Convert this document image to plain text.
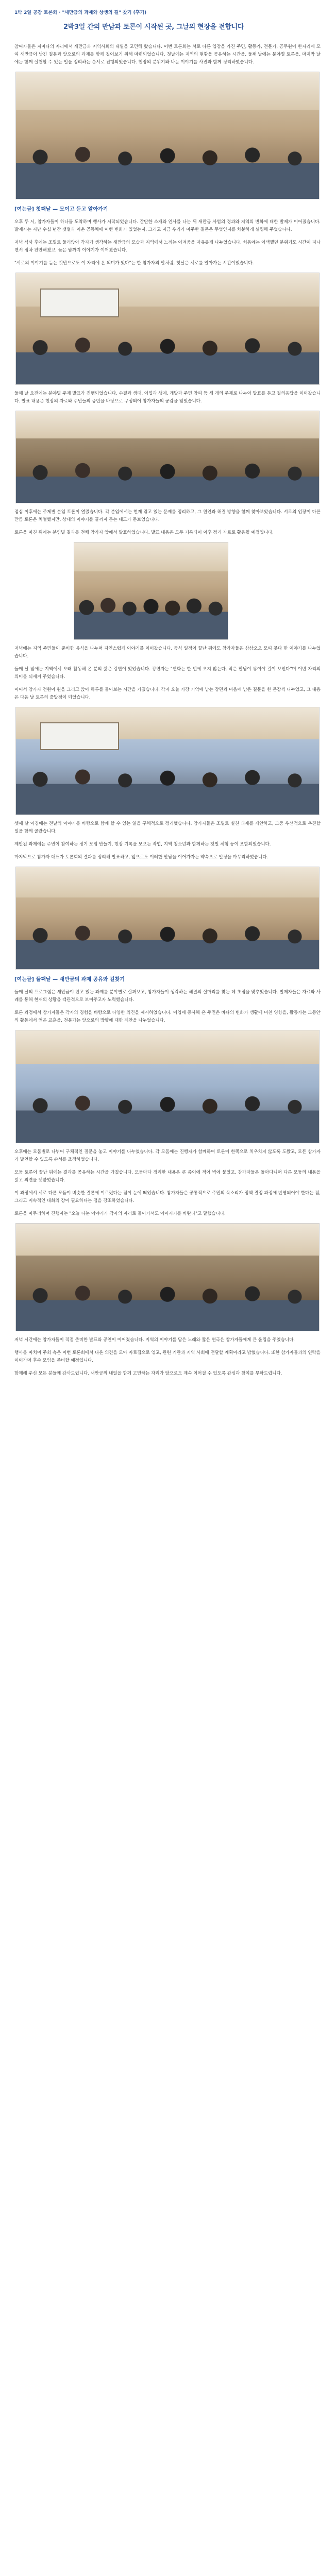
1박 2일 공감 토론회 · "새만금의 과제와 상생의 길" 찾기 (후기)
2박3일 간의 만남과 토론이 시작된 곳, 그날의 현장을 전합니다

참여자들은 저마다의 자리에서 새만금과 지역사회의 내일을 고민해 왔습니다. 이번 토론회는 서로 다른 입장을 가진 주민, 활동가, 전문가, 공무원이 한자리에 모여 새만금이 남긴 질문과 앞으로의 과제를 함께 짚어보기 위해 마련되었습니다. 첫날에는 지역의 현황을 공유하는 시간을, 둘째 날에는 분야별 토론을, 마지막 날에는 함께 실천할 수 있는 일을 정리하는 순서로 진행되었습니다. 현장의 분위기와 나눈 이야기를 사진과 함께 정리하였습니다.

[여는글] 첫째날 — 모이고 듣고 알아가기

오후 두 시, 참가자들이 하나둘 도착하며 행사가 시작되었습니다. 간단한 소개와 인사를 나눈 뒤 새만금 사업의 경과와 지역의 변화에 대한 발제가 이어졌습니다. 발제자는 지난 수십 년간 갯벌과 어촌 공동체에 어떤 변화가 있었는지, 그리고 지금 우리가 마주한 질문은 무엇인지를 차분하게 설명해 주었습니다.

저녁 식사 후에는 조별로 둘러앉아 각자가 생각하는 새만금의 모습과 지역에서 느끼는 어려움을 자유롭게 나누었습니다. 처음에는 어색했던 분위기도 시간이 지나면서 점차 편안해졌고, 늦은 밤까지 이야기가 이어졌습니다.

"서로의 이야기를 듣는 것만으로도 이 자리에 온 의미가 있다"는 한 참가자의 말처럼, 첫날은 서로를 알아가는 시간이었습니다.

둘째 날 오전에는 분야별 주제 발표가 진행되었습니다. 수질과 생태, 어업과 생계, 개발과 주민 참여 등 세 개의 주제로 나누어 발표를 듣고 질의응답을 이어갔습니다. 발표 내용은 현장의 자료와 주민들의 증언을 바탕으로 구성되어 참가자들의 공감을 얻었습니다.

점심 이후에는 주제별 분임 토론이 열렸습니다. 각 분임에서는 현재 겪고 있는 문제를 정리하고, 그 원인과 해결 방향을 함께 찾아보았습니다. 서로의 입장이 다른 만큼 토론은 치열했지만, 상대의 이야기를 끝까지 듣는 태도가 돋보였습니다.

토론을 마친 뒤에는 분임별 결과를 전체 참가자 앞에서 발표하였습니다. 발표 내용은 모두 기록되어 이후 정리 자료로 활용될 예정입니다.

저녁에는 지역 주민들이 준비한 음식을 나누며 자연스럽게 이야기를 이어갔습니다. 공식 일정이 끝난 뒤에도 참가자들은 삼삼오오 모여 못다 한 이야기를 나누었습니다.

둘째 날 밤에는 지역에서 오래 활동해 온 분의 짧은 강연이 있었습니다. 강연자는 "변화는 한 번에 오지 않는다, 작은 만남이 쌓여야 길이 보인다"며 이번 자리의 의미를 되새겨 주었습니다.

이어서 참가자 전원이 원을 그리고 앉아 하루를 돌아보는 시간을 가졌습니다. 각자 오늘 가장 기억에 남는 장면과 마음에 남은 질문을 한 문장씩 나누었고, 그 내용은 다음 날 토론의 출발점이 되었습니다.

셋째 날 아침에는 전날의 이야기를 바탕으로 함께 할 수 있는 일을 구체적으로 정리했습니다. 참가자들은 조별로 실천 과제를 제안하고, 그중 우선적으로 추진할 일을 함께 골랐습니다.

제안된 과제에는 주민이 참여하는 정기 모임 만들기, 현장 기록을 모으는 작업, 지역 청소년과 함께하는 갯벌 체험 등이 포함되었습니다.

마지막으로 참가자 대표가 토론회의 결과를 정리해 발표하고, 앞으로도 이러한 만남을 이어가자는 약속으로 일정을 마무리하였습니다.

[여는글] 둘째날 — 새만금의 과제 공유와 길찾기

둘째 날의 프로그램은 새만금이 안고 있는 과제를 분야별로 살펴보고, 참가자들이 생각하는 해결의 실마리를 찾는 데 초점을 맞추었습니다. 발제자들은 자료와 사례를 통해 현재의 상황을 객관적으로 보여주고자 노력했습니다.

토론 과정에서 참가자들은 각자의 경험을 바탕으로 다양한 의견을 제시하였습니다. 어업에 종사해 온 주민은 바다의 변화가 생활에 미친 영향을, 활동가는 그동안의 활동에서 얻은 교훈을, 전문가는 앞으로의 방향에 대한 제안을 나누었습니다.

오후에는 모둠별로 나뉘어 구체적인 질문을 놓고 이야기를 나누었습니다. 각 모둠에는 진행자가 함께하여 토론이 한쪽으로 치우치지 않도록 도왔고, 모든 참가자가 발언할 수 있도록 순서를 조정하였습니다.

모둠 토론이 끝난 뒤에는 결과를 공유하는 시간을 가졌습니다. 모둠마다 정리한 내용은 큰 종이에 적어 벽에 붙였고, 참가자들은 돌아다니며 다른 모둠의 내용을 읽고 의견을 덧붙였습니다.

이 과정에서 서로 다른 모둠이 비슷한 결론에 이르렀다는 점이 눈에 띄었습니다. 참가자들은 공통적으로 주민의 목소리가 정책 결정 과정에 반영되어야 한다는 점, 그리고 지속적인 대화의 장이 필요하다는 점을 강조하였습니다.

토론을 마무리하며 진행자는 "오늘 나눈 이야기가 각자의 자리로 돌아가서도 이어지기를 바란다"고 말했습니다.

저녁 시간에는 참가자들이 직접 준비한 발표와 공연이 이어졌습니다. 지역의 이야기를 담은 노래와 짧은 연극은 참가자들에게 큰 울림을 주었습니다.

행사를 마치며 주최 측은 이번 토론회에서 나온 의견을 모아 자료집으로 엮고, 관련 기관과 지역 사회에 전달할 계획이라고 밝혔습니다. 또한 참가자들과의 연락을 이어가며 후속 모임을 준비할 예정입니다.

함께해 주신 모든 분들께 감사드립니다. 새만금의 내일을 함께 고민하는 자리가 앞으로도 계속 이어질 수 있도록 관심과 참여를 부탁드립니다.
